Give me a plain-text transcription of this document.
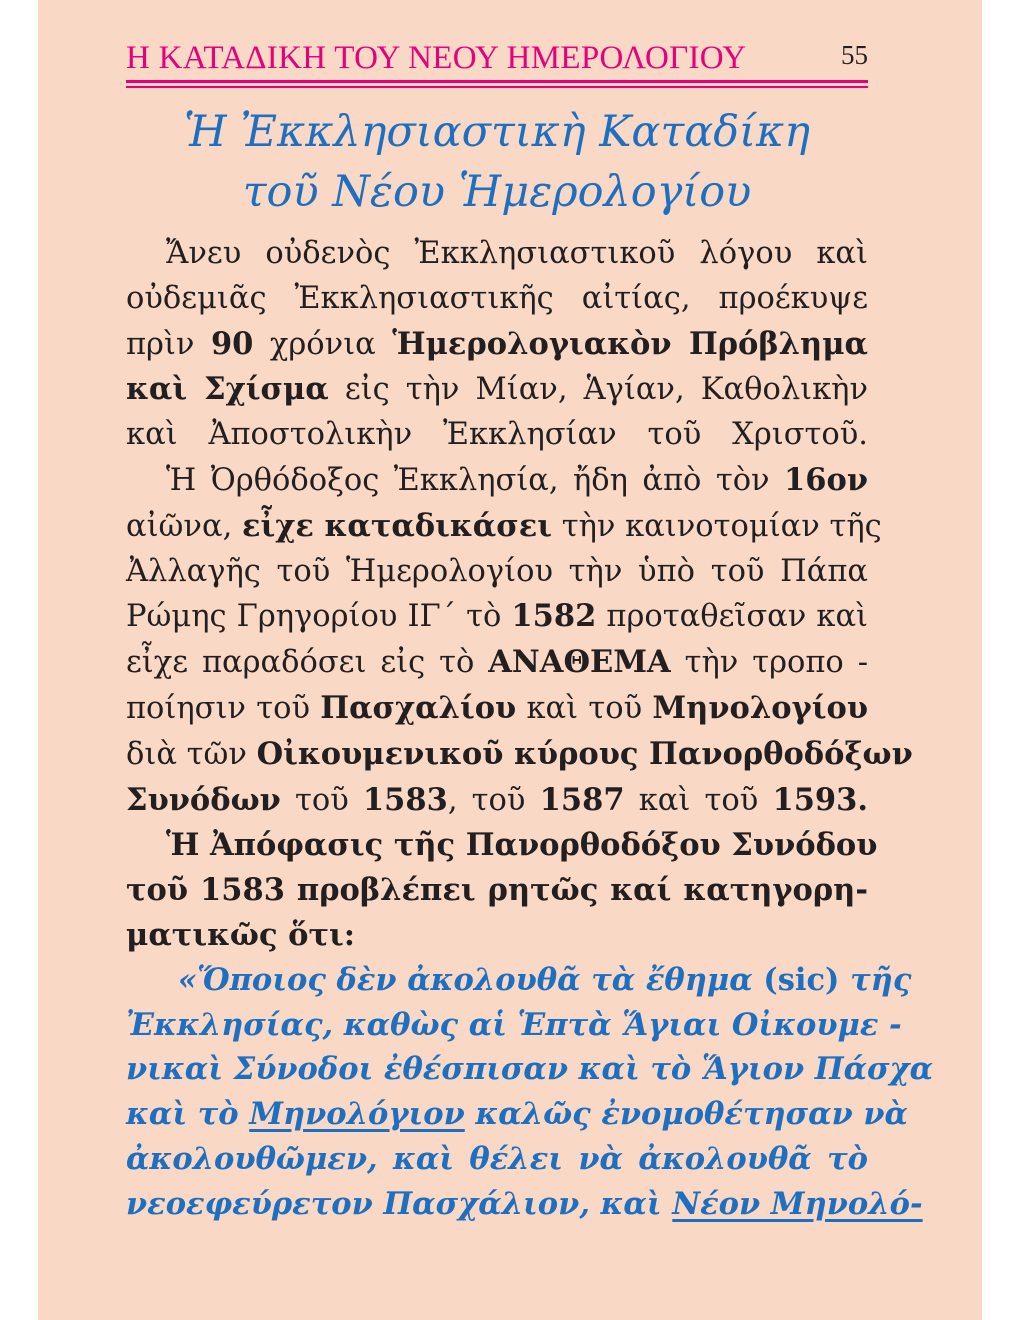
Η ΚΑΤΑΔΙΚΗ ΤΟΥ ΝΕΟΥ ΗΜΕΡΟΛΟΓΙΟΥ	55
Ἡ Ἐκκλησιαστικὴ Καταδίκη
τοῦ Νέου Ἡμερολογίου
Ἄνευ οὐδενὸς Ἐκκλησιαστικοῦ λόγου καὶ
οὐδεμιᾶς Ἐκκλησιαστικῆς αἰτίας, προέκυψε
πρὶν 90 χρόνια Ἡμερολογιακὸν Πρόβλημα
καὶ Σχίσμα εἰς τὴν Μίαν, Ἁγίαν, Καθολικὴν
καὶ Ἀποστολικὴν Ἐκκλησίαν τοῦ Χριστοῦ.
Ἡ Ὀρθόδοξος Ἐκκλησία, ἤδη ἀπὸ τὸν 16ον
αἰῶνα, εἶχε καταδικάσει τὴν καινοτομίαν τῆς
Ἀλλαγῆς τοῦ Ἡμερολογίου τὴν ὑπὸ τοῦ Πάπα
Ρώμης Γρηγορίου ΙΓ΄ τὸ 1582 προταθεῖσαν καὶ
εἶχε παραδόσει εἰς τὸ ΑΝΑΘΕΜΑ τὴν τροπο -
ποίησιν τοῦ Πασχαλίου καὶ τοῦ Μηνολογίου
διὰ τῶν Οἰκουμενικοῦ κύρους Πανορθοδόξων
Συνόδων τοῦ 1583, τοῦ 1587 καὶ τοῦ 1593.
Ἡ Ἀπόφασις τῆς Πανορθοδόξου Συνόδου
τοῦ 1583 προβλέπει ρητῶς καί κατηγορη-
ματικῶς ὅτι:
«Ὅποιος δὲν ἀκολουθᾶ τὰ ἔθημα (sic) τῆς
Ἐκκλησίας, καθὼς αἱ Ἑπτὰ Ἅγιαι Οἰκουμε -
νικαὶ Σύνοδοι ἐθέσπισαν καὶ τὸ Ἅγιον Πάσχα
καὶ τὸ Μηνολόγιον καλῶς ἐνομοθέτησαν νὰ
ἀκολουθῶμεν, καὶ θέλει νὰ ἀκολουθᾶ τὸ
νεοεφεύρετον Πασχάλιον, καὶ Νέον Μηνολό-
